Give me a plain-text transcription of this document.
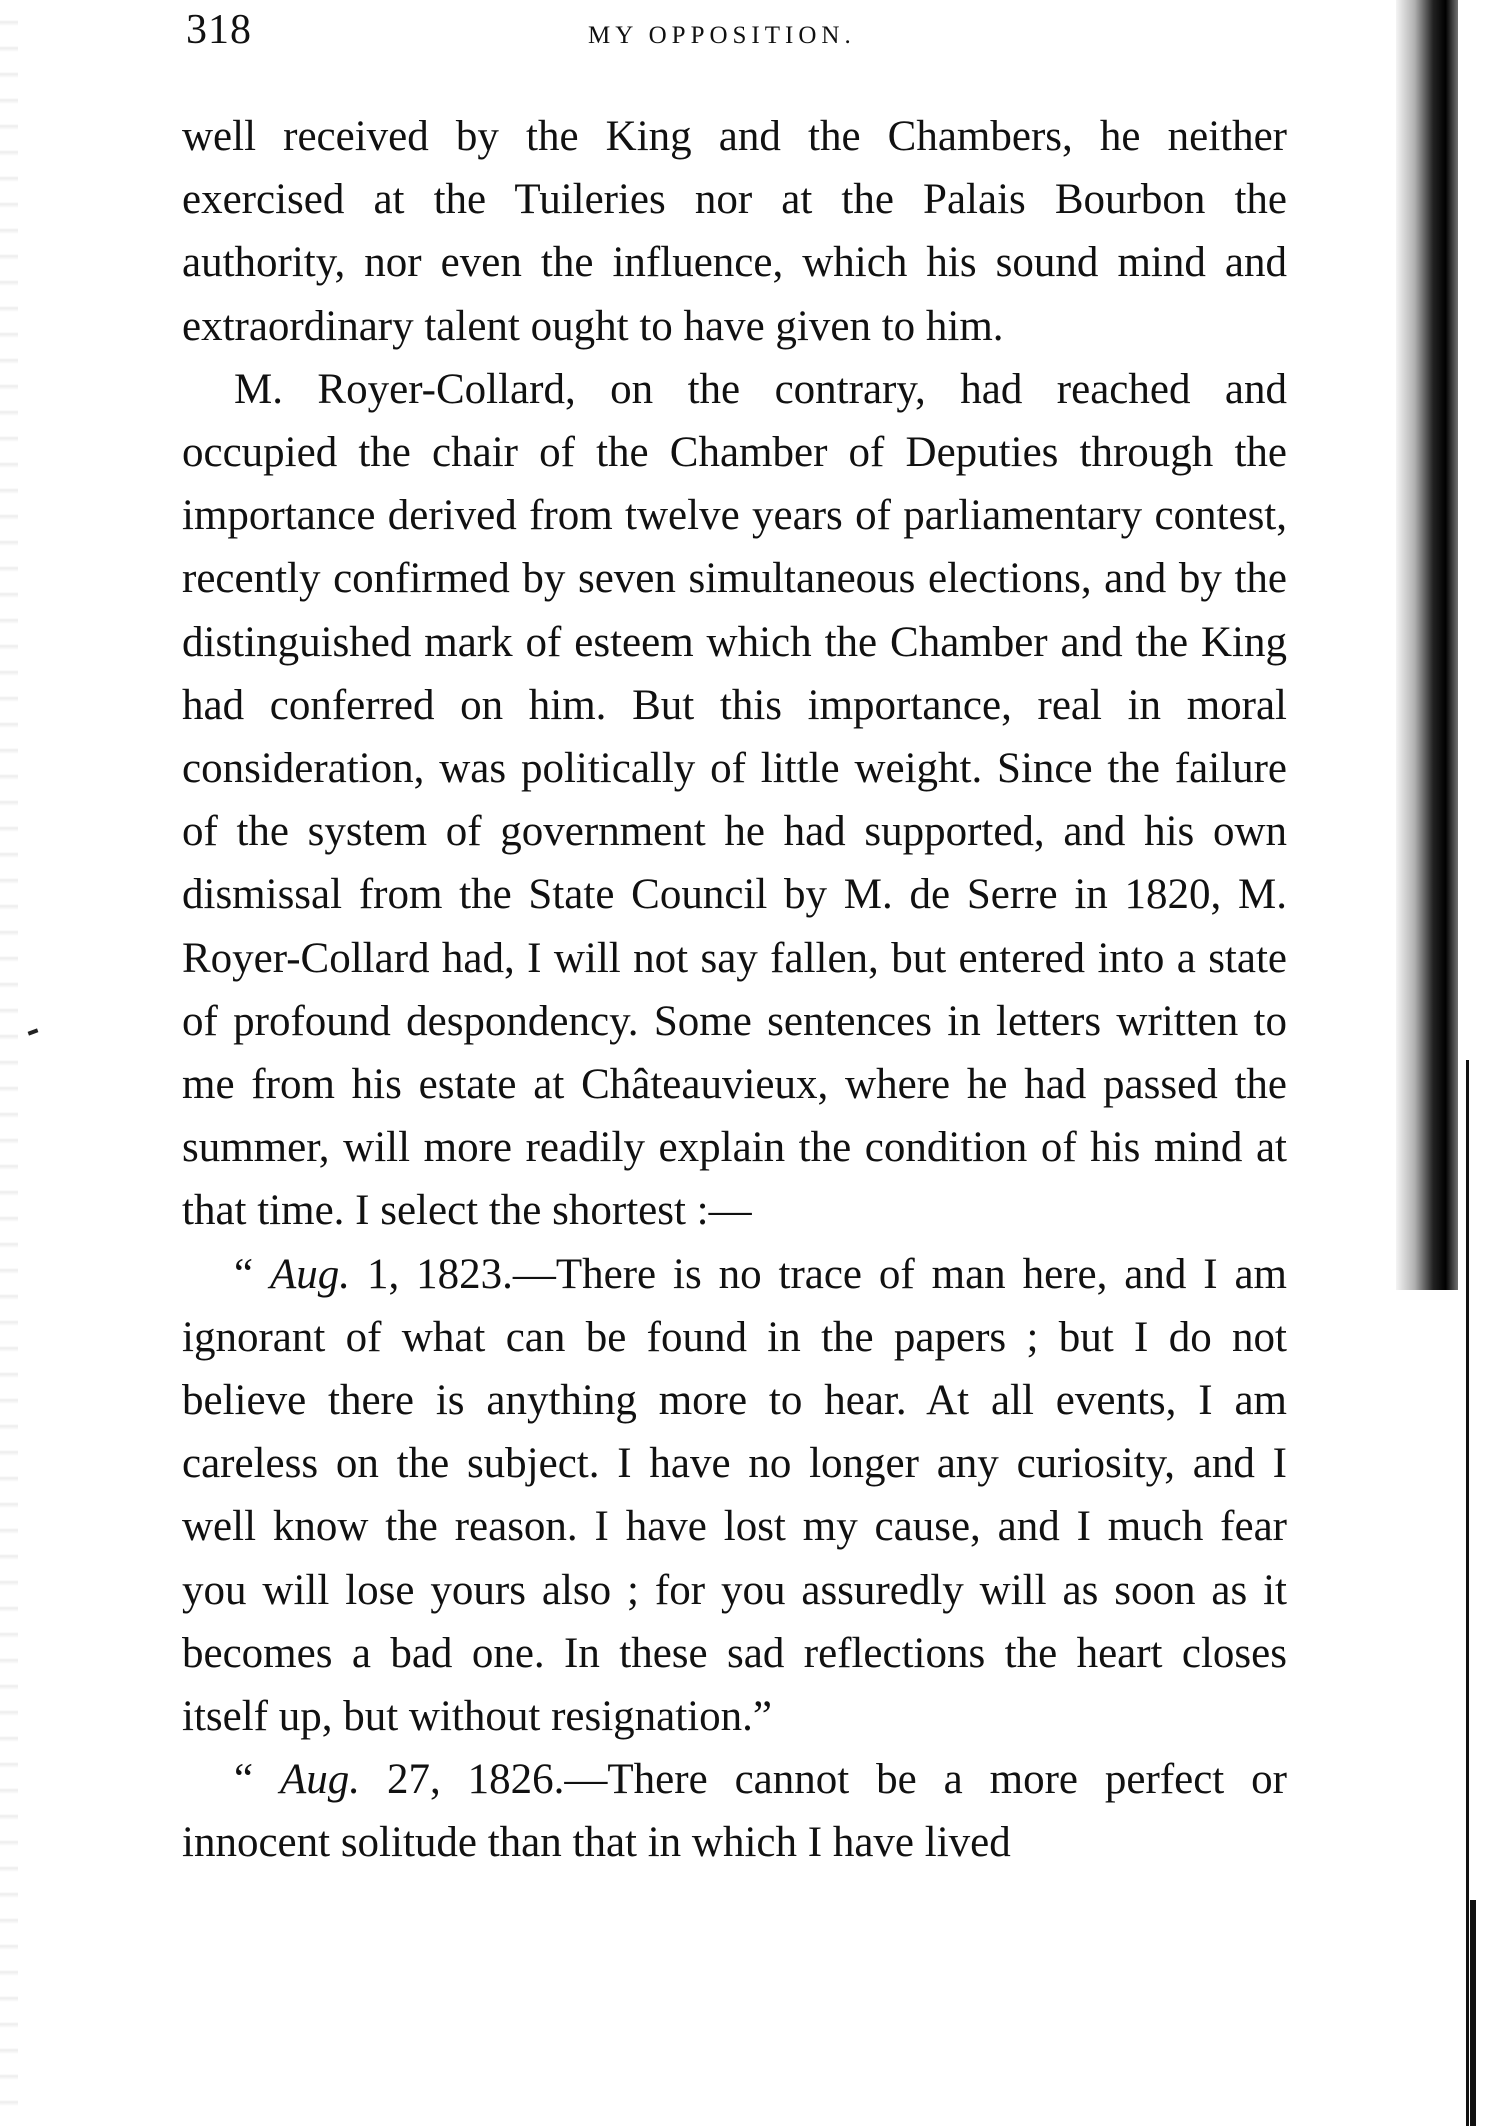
318	MY OPPOSITION.

well received by the King and the Chambers, he neither exercised at the Tuileries nor at the Palais Bourbon the authority, nor even the influence, which his sound mind and extraordinary talent ought to have given to him.

M. Royer-Collard, on the contrary, had reached and occupied the chair of the Chamber of Deputies through the importance derived from twelve years of parliamentary contest, recently confirmed by seven simultaneous elections, and by the distinguished mark of esteem which the Chamber and the King had conferred on him. But this importance, real in moral consideration, was politically of little weight. Since the failure of the system of government he had supported, and his own dismissal from the State Council by M. de Serre in 1820, M. Royer-Collard had, I will not say fallen, but entered into a state of profound despondency. Some sentences in letters written to me from his estate at Châteauvieux, where he had passed the summer, will more readily explain the condition of his mind at that time. I select the shortest :—

“ Aug. 1, 1823.—There is no trace of man here, and I am ignorant of what can be found in the papers ; but I do not believe there is anything more to hear. At all events, I am careless on the subject. I have no longer any curiosity, and I well know the reason. I have lost my cause, and I much fear you will lose yours also ; for you assuredly will as soon as it becomes a bad one. In these sad reflections the heart closes itself up, but without resignation.”

“ Aug. 27, 1826.—There cannot be a more perfect or innocent solitude than that in which I have lived
